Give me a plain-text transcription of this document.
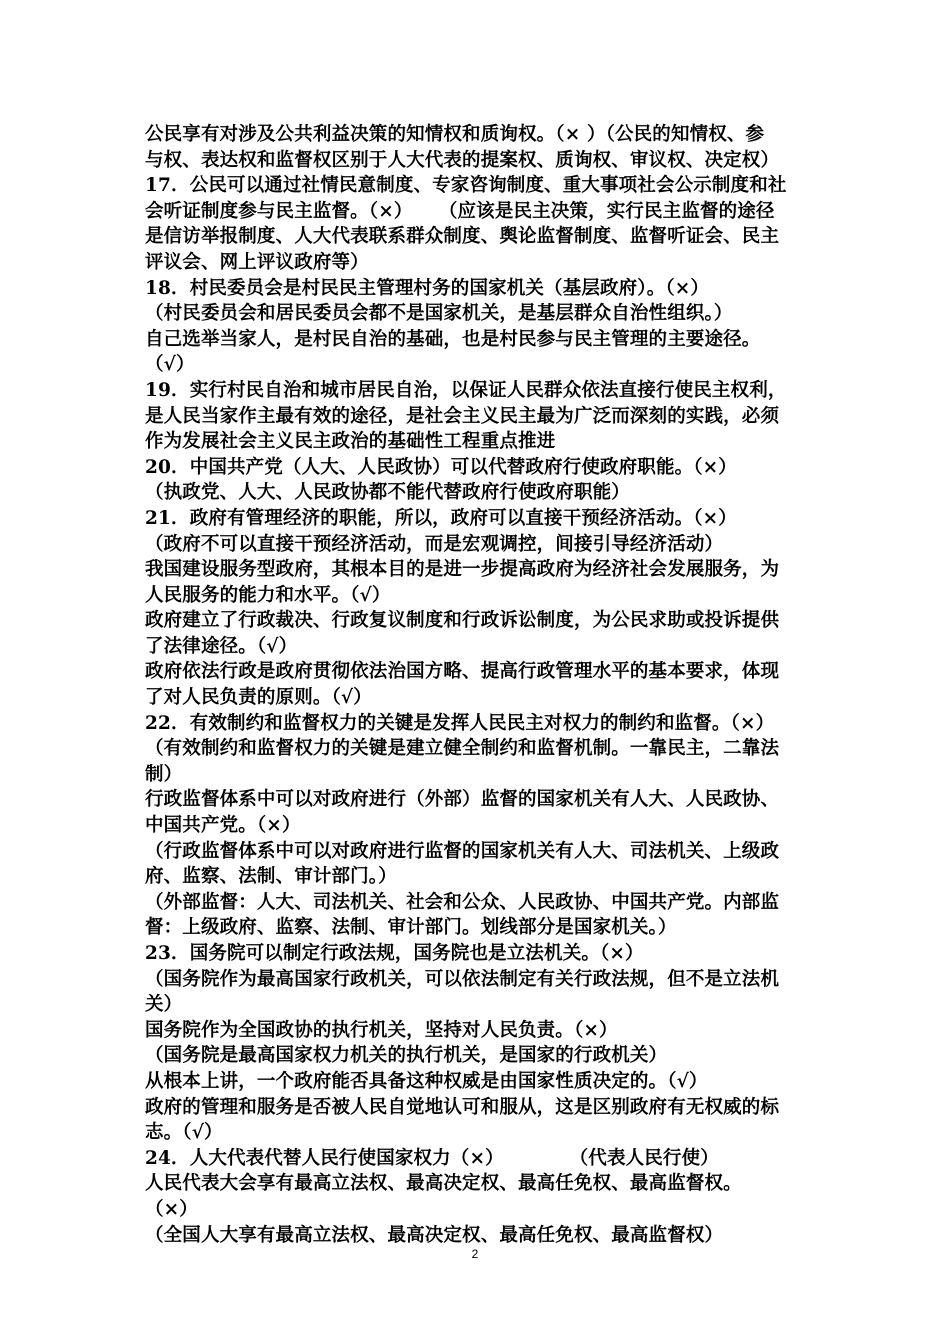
公民享有对涉及公共利益决策的知情权和质询权。（× ）（公民的知情权、参
与权、表达权和监督权区别于人大代表的提案权、质询权、审议权、决定权）
17．公民可以通过社情民意制度、专家咨询制度、重大事项社会公示制度和社
会听证制度参与民主监督。（×）    （应该是民主决策，实行民主监督的途径
是信访举报制度、人大代表联系群众制度、舆论监督制度、监督听证会、民主
评议会、网上评议政府等）
18．村民委员会是村民民主管理村务的国家机关（基层政府）。（×）
（村民委员会和居民委员会都不是国家机关，是基层群众自治性组织。）
自己选举当家人，是村民自治的基础，也是村民参与民主管理的主要途径。
（√）
19．实行村民自治和城市居民自治，以保证人民群众依法直接行使民主权利，
是人民当家作主最有效的途径，是社会主义民主最为广泛而深刻的实践，必须
作为发展社会主义民主政治的基础性工程重点推进
20．中国共产党（人大、人民政协）可以代替政府行使政府职能。（×）
（执政党、人大、人民政协都不能代替政府行使政府职能）
21．政府有管理经济的职能，所以，政府可以直接干预经济活动。（×）
（政府不可以直接干预经济活动，而是宏观调控，间接引导经济活动）
我国建设服务型政府，其根本目的是进一步提高政府为经济社会发展服务，为
人民服务的能力和水平。（√）
政府建立了行政裁决、行政复议制度和行政诉讼制度，为公民求助或投诉提供
了法律途径。（√）
政府依法行政是政府贯彻依法治国方略、提高行政管理水平的基本要求，体现
了对人民负责的原则。（√）
22．有效制约和监督权力的关键是发挥人民民主对权力的制约和监督。（×）
（有效制约和监督权力的关键是建立健全制约和监督机制。一靠民主，二靠法
制）
行政监督体系中可以对政府进行（外部）监督的国家机关有人大、人民政协、
中国共产党。（×）
（行政监督体系中可以对政府进行监督的国家机关有人大、司法机关、上级政
府、监察、法制、审计部门。）
（外部监督：人大、司法机关、社会和公众、人民政协、中国共产党。内部监
督：上级政府、监察、法制、审计部门。划线部分是国家机关。）
23．国务院可以制定行政法规，国务院也是立法机关。（×）
（国务院作为最高国家行政机关，可以依法制定有关行政法规，但不是立法机
关）
国务院作为全国政协的执行机关，坚持对人民负责。（×）
（国务院是最高国家权力机关的执行机关，是国家的行政机关）
从根本上讲，一个政府能否具备这种权威是由国家性质决定的。（√）
政府的管理和服务是否被人民自觉地认可和服从，这是区别政府有无权威的标
志。（√）
24．人大代表代替人民行使国家权力（×）          （代表人民行使）
人民代表大会享有最高立法权、最高决定权、最高任免权、最高监督权。
（×）
（全国人大享有最高立法权、最高决定权、最高任免权、最高监督权）
2
